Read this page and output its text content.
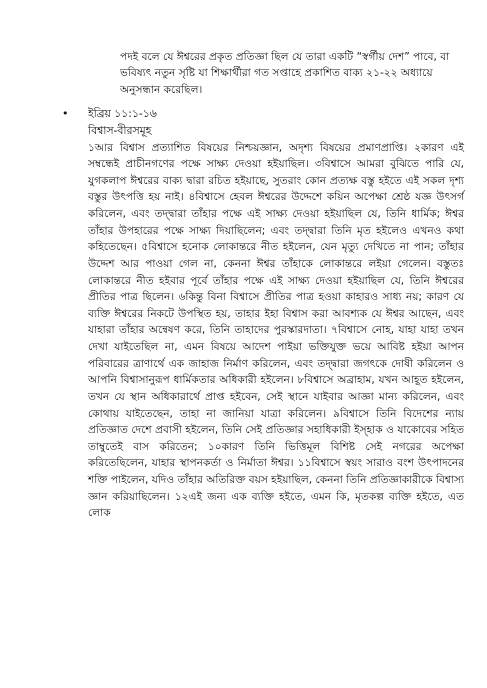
পদই বলে যে ঈশ্বরের প্রকৃত প্রতিজ্ঞা ছিল যে তারা একটি “স্বর্গীয় দেশ” পাবে, বা ভবিষ্যৎ নতুন সৃষ্টি যা শিক্ষার্থীরা গত সপ্তাহে প্রকাশিত বাক্য ২১-২২ অধ্যায়ে অনুসন্ধান করেছিল।

•	ইব্রিয় ১১:১-১৬
বিশ্বাস-বীরসমূহ

১আর বিশ্বাস প্রত্যাশিত বিষয়ের নিশ্চয়জ্ঞান, অদৃশ্য বিষয়ের প্রমাণপ্রাপ্তি। ২কারণ এই সম্বন্ধেই প্রাচীনগণের পক্ষে সাক্ষ্য দেওয়া হইয়াছিল। ৩বিশ্বাসে আমরা বুঝিতে পারি যে, যুগকলাপ ঈশ্বরের বাক্য দ্বারা রচিত হইয়াছে, সুতরাং কোন প্রত্যক্ষ বস্তু হইতে এই সকল দৃশ্য বস্তুর উৎপত্তি হয় নাই। ৪বিশ্বাসে হেবল ঈশ্বরের উদ্দেশে কয়িন অপেক্ষা শ্রেষ্ঠ যজ্ঞ উৎসর্গ করিলেন, এবং তদ্দ্বারা তাঁহার পক্ষে এই সাক্ষ্য দেওয়া হইয়াছিল যে, তিনি ধার্মিক; ঈশ্বর তাঁহার উপহারের পক্ষে সাক্ষ্য দিয়াছিলেন; এবং তদ্দ্বারা তিনি মৃত হইলেও এখনও কথা কহিতেছেন। ৫বিশ্বাসে হনোক লোকান্তরে নীত হইলেন, যেন মৃত্যু দেখিতে না পান; তাঁহার উদ্দেশ আর পাওয়া গেল না, কেননা ঈশ্বর তাঁহাকে লোকান্তরে লইয়া গেলেন। বস্তুতঃ লোকান্তরে নীত হইবার পূর্বে তাঁহার পক্ষে এই সাক্ষ্য দেওয়া হইয়াছিল যে, তিনি ঈশ্বরের প্রীতির পাত্র ছিলেন। ৬কিন্তু বিনা বিশ্বাসে প্রীতির পাত্র হওয়া কাহারও সাধ্য নয়; কারণ যে ব্যক্তি ঈশ্বরের নিকটে উপস্থিত হয়, তাহার ইহা বিশ্বাস করা আবশ্যক যে ঈশ্বর আছেন, এবং যাহারা তাঁহার অন্বেষণ করে, তিনি তাহাদের পুরস্কারদাতা। ৭বিশ্বাসে নোহ, যাহা যাহা তখন দেখা যাইতেছিল না, এমন বিষয়ে আদেশ পাইয়া ভক্তিযুক্ত ভয়ে আবিষ্ট হইয়া আপন পরিবারের ত্রাণার্থে এক জাহাজ নির্মাণ করিলেন, এবং তদ্দ্বারা জগৎকে দোষী করিলেন ও আপনি বিশ্বাসানুরূপ ধার্মিকতার অধিকারী হইলেন। ৮বিশ্বাসে অব্রাহাম, যখন আহূত হইলেন, তখন যে স্থান অধিকারার্থে প্রাপ্ত হইবেন, সেই স্থানে যাইবার আজ্ঞা মান্য করিলেন, এবং কোথায় যাইতেছেন, তাহা না জানিয়া যাত্রা করিলেন। ৯বিশ্বাসে তিনি বিদেশের ন্যায় প্রতিজ্ঞাত দেশে প্রবাসী হইলেন, তিনি সেই প্রতিজ্ঞার সহাধিকারী ইস্‌হাক ও যাকোবের সহিত তাম্বুতেই বাস করিতেন; ১০কারণ তিনি ভিত্তিমূল বিশিষ্ট সেই নগরের অপেক্ষা করিতেছিলেন, যাহার স্থাপনকর্তা ও নির্মাতা ঈশ্বর। ১১বিশ্বাসে স্বয়ং সারাও বংশ উৎপাদনের শক্তি পাইলেন, যদিও তাঁহার অতিরিক্ত বয়স হইয়াছিল, কেননা তিনি প্রতিজ্ঞাকারীকে বিশ্বাস্য জ্ঞান করিয়াছিলেন। ১২এই জন্য এক ব্যক্তি হইতে, এমন কি, মৃতকল্প ব্যক্তি হইতে, এত লোক
